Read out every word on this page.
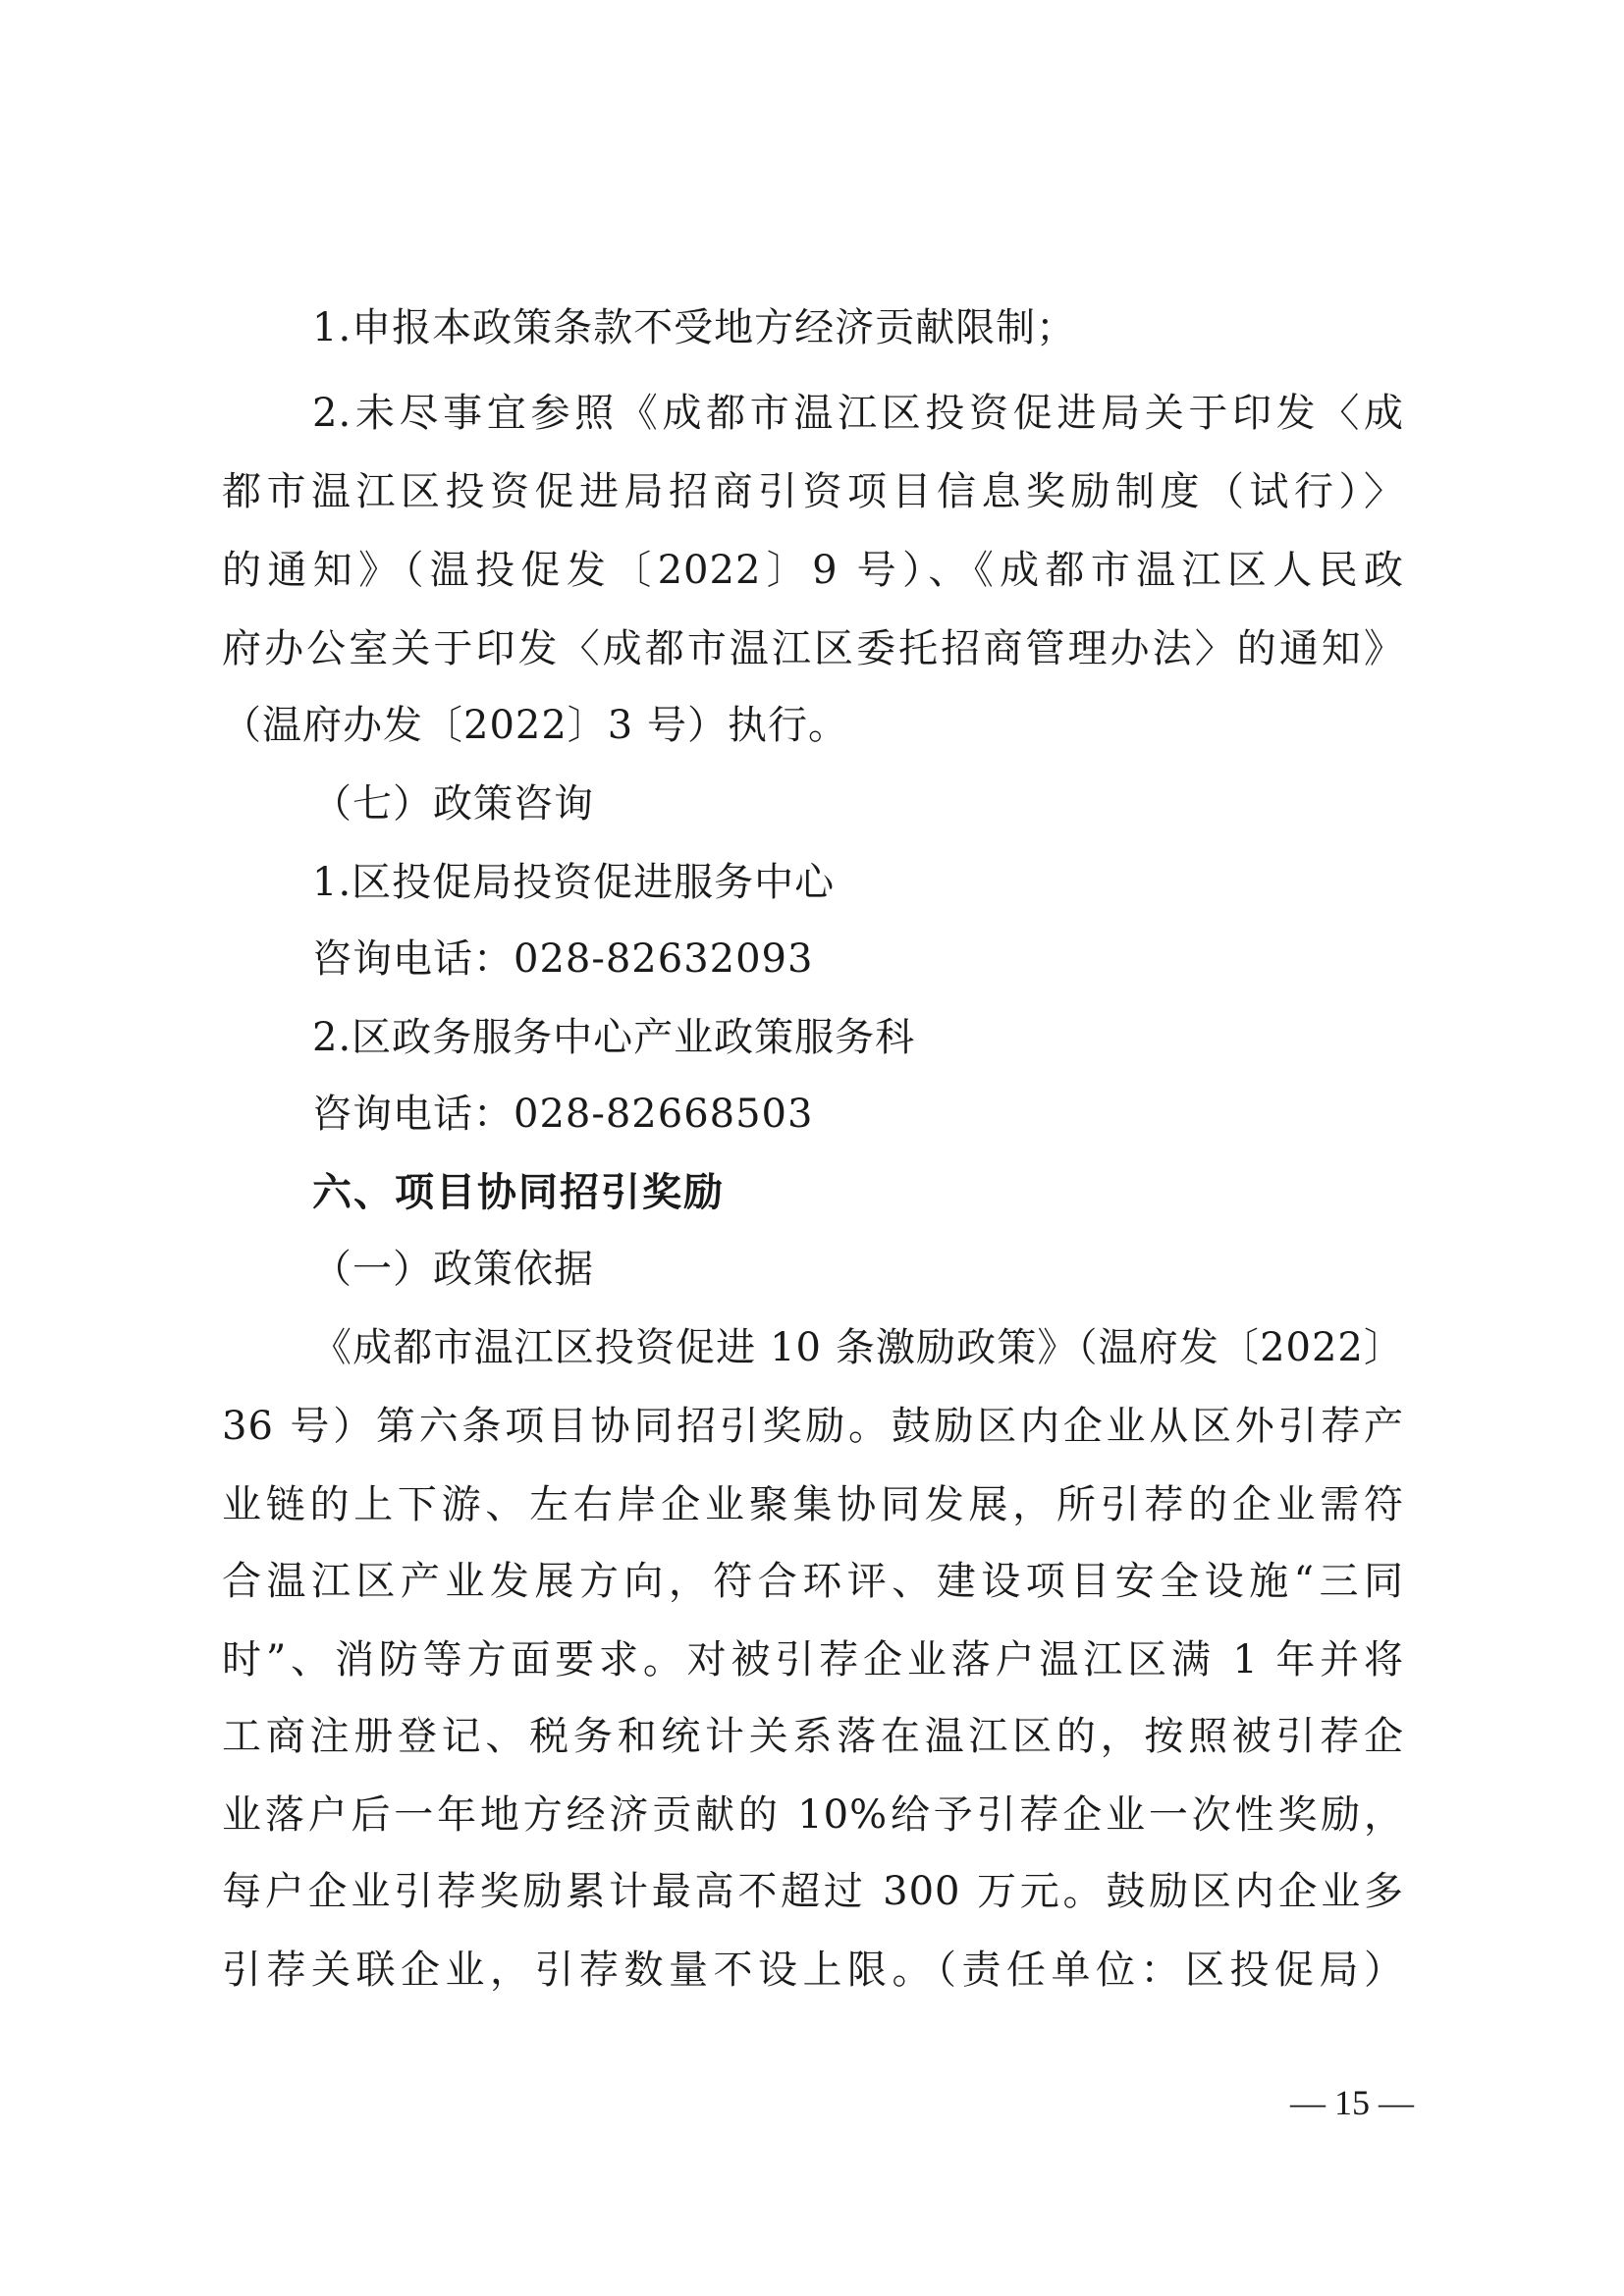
1.申报本政策条款不受地方经济贡献限制；
2.未尽事宜参照《成都市温江区投资促进局关于印发〈成
都市温江区投资促进局招商引资项目信息奖励制度（试行）〉
的通知》（温投促发〔2022〕9 号）、《成都市温江区人民政
府办公室关于印发〈成都市温江区委托招商管理办法〉的通知》
（温府办发〔2022〕3 号）执行。
（七）政策咨询
1.区投促局投资促进服务中心
咨询电话：028-82632093
2.区政务服务中心产业政策服务科
咨询电话：028-82668503
六、项目协同招引奖励
（一）政策依据
《成都市温江区投资促进 10 条激励政策》（温府发〔2022〕
36 号）第六条项目协同招引奖励。鼓励区内企业从区外引荐产
业链的上下游、左右岸企业聚集协同发展，所引荐的企业需符
合温江区产业发展方向，符合环评、建设项目安全设施“三同
时”、消防等方面要求。对被引荐企业落户温江区满 1 年并将
工商注册登记、税务和统计关系落在温江区的，按照被引荐企
业落户后一年地方经济贡献的 10%给予引荐企业一次性奖励，
每户企业引荐奖励累计最高不超过 300 万元。鼓励区内企业多
引荐关联企业，引荐数量不设上限。（责任单位：区投促局）
— 15 —
